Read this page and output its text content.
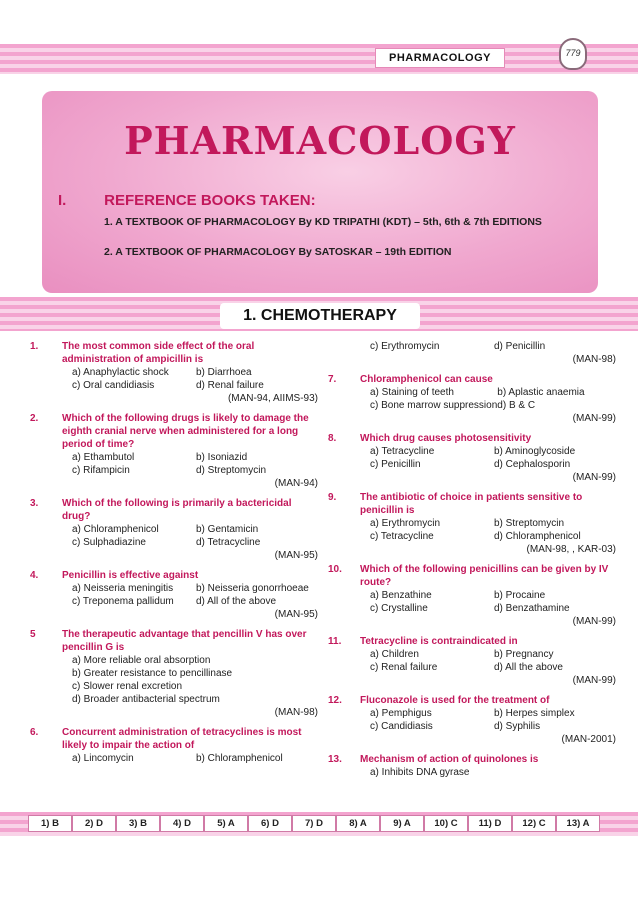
PHARMACOLOGY	779
PHARMACOLOGY
I.	REFERENCE BOOKS TAKEN:
1. A TEXTBOOK OF PHARMACOLOGY By KD TRIPATHI (KDT) – 5th, 6th & 7th EDITIONS
2. A TEXTBOOK OF PHARMACOLOGY By SATOSKAR – 19th EDITION
1. CHEMOTHERAPY
1. The most common side effect of the oral administration of ampicillin is
a) Anaphylactic shock	b) Diarrhoea
c) Oral candidiasis	d) Renal failure
(MAN-94, AIIMS-93)
2. Which of the following drugs is likely to damage the eighth cranial nerve when administered for a long period of time?
a) Ethambutol	b) Isoniazid
c) Rifampicin	d) Streptomycin
(MAN-94)
3. Which of the following is primarily a bactericidal drug?
a) Chloramphenicol	b) Gentamicin
c) Sulphadiazine	d) Tetracycline
(MAN-95)
4. Penicillin is effective against
a) Neisseria meningitis	b) Neisseria gonorrhoeae
c) Treponema pallidum	d) All of the above
(MAN-95)
5	The therapeutic advantage that pencillin V has over pencillin G is
a) More reliable oral absorption
b) Greater resistance to pencillinase
c) Slower renal excretion
d) Broader antibacterial spectrum
(MAN-98)
6. Concurrent administration of tetracyclines is most likely to impair the action of
a) Lincomycin	b) Chloramphenicol
c) Erythromycin	d) Penicillin
(MAN-98)
7. Chloramphenicol can cause
a) Staining of teeth	b) Aplastic anaemia
c) Bone marrow suppression d) B & C
(MAN-99)
8. Which drug causes photosensitivity
a) Tetracycline	b) Aminoglycoside
c) Penicillin	d) Cephalosporin
(MAN-99)
9. The antibiotic of choice in patients sensitive to penicillin is
a) Erythromycin	b) Streptomycin
c) Tetracycline	d) Chloramphenicol
(MAN-98, , KAR-03)
10. Which of the following penicillins can be given by IV route?
a) Benzathine	b) Procaine
c) Crystalline	d) Benzathamine
(MAN-99)
11. Tetracycline is contraindicated in
a) Children	b) Pregnancy
c) Renal failure	d) All the above
(MAN-99)
12. Fluconazole is used for the treatment of
a) Pemphigus	b) Herpes simplex
c) Candidiasis	d) Syphilis
(MAN-2001)
13. Mechanism of action of quinolones is
a) Inhibits DNA gyrase
1) B	2) D	3) B	4) D	5) A	6) D	7) D	8) A	9) A	10) C	11) D	12) C	13) A
